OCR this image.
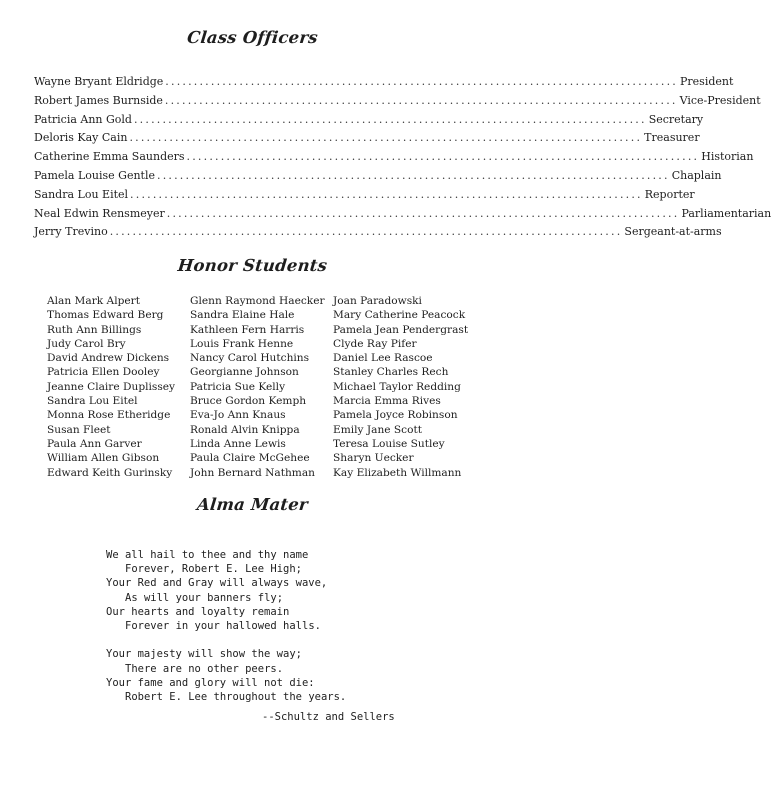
Class Officers
Wayne Bryant Eldridge .......................................................................................... President
Robert James Burnside .......................................................................................... Vice-President
Patricia Ann Gold .......................................................................................... Secretary
Deloris Kay Cain .......................................................................................... Treasurer
Catherine Emma Saunders .......................................................................................... Historian
Pamela Louise Gentle .......................................................................................... Chaplain
Sandra Lou Eitel .......................................................................................... Reporter
Neal Edwin Rensmeyer .......................................................................................... Parliamentarian
Jerry Trevino .......................................................................................... Sergeant-at-arms
Honor Students
Alan Mark Alpert
Thomas Edward Berg
Ruth Ann Billings
Judy Carol Bry
David Andrew Dickens
Patricia Ellen Dooley
Jeanne Claire Duplissey
Sandra Lou Eitel
Monna Rose Etheridge
Susan Fleet
Paula Ann Garver
William Allen Gibson
Edward Keith Gurinsky
Glenn Raymond Haecker
Sandra Elaine Hale
Kathleen Fern Harris
Louis Frank Henne
Nancy Carol Hutchins
Georgianne Johnson
Patricia Sue Kelly
Bruce Gordon Kemph
Eva-Jo Ann Knaus
Ronald Alvin Knippa
Linda Anne Lewis
Paula Claire McGehee
John Bernard Nathman
Joan Paradowski
Mary Catherine Peacock
Pamela Jean Pendergrast
Clyde Ray Pifer
Daniel Lee Rascoe
Stanley Charles Rech
Michael Taylor Redding
Marcia Emma Rives
Pamela Joyce Robinson
Emily Jane Scott
Teresa Louise Sutley
Sharyn Uecker
Kay Elizabeth Willmann
Alma Mater
We all hail to thee and thy name
Forever, Robert E. Lee High;
Your Red and Gray will always wave,
As will your banners fly;
Our hearts and loyalty remain
Forever in your hallowed halls.
Your majesty will show the way;
There are no other peers.
Your fame and glory will not die:
Robert E. Lee throughout the years.
--Schultz and Sellers
